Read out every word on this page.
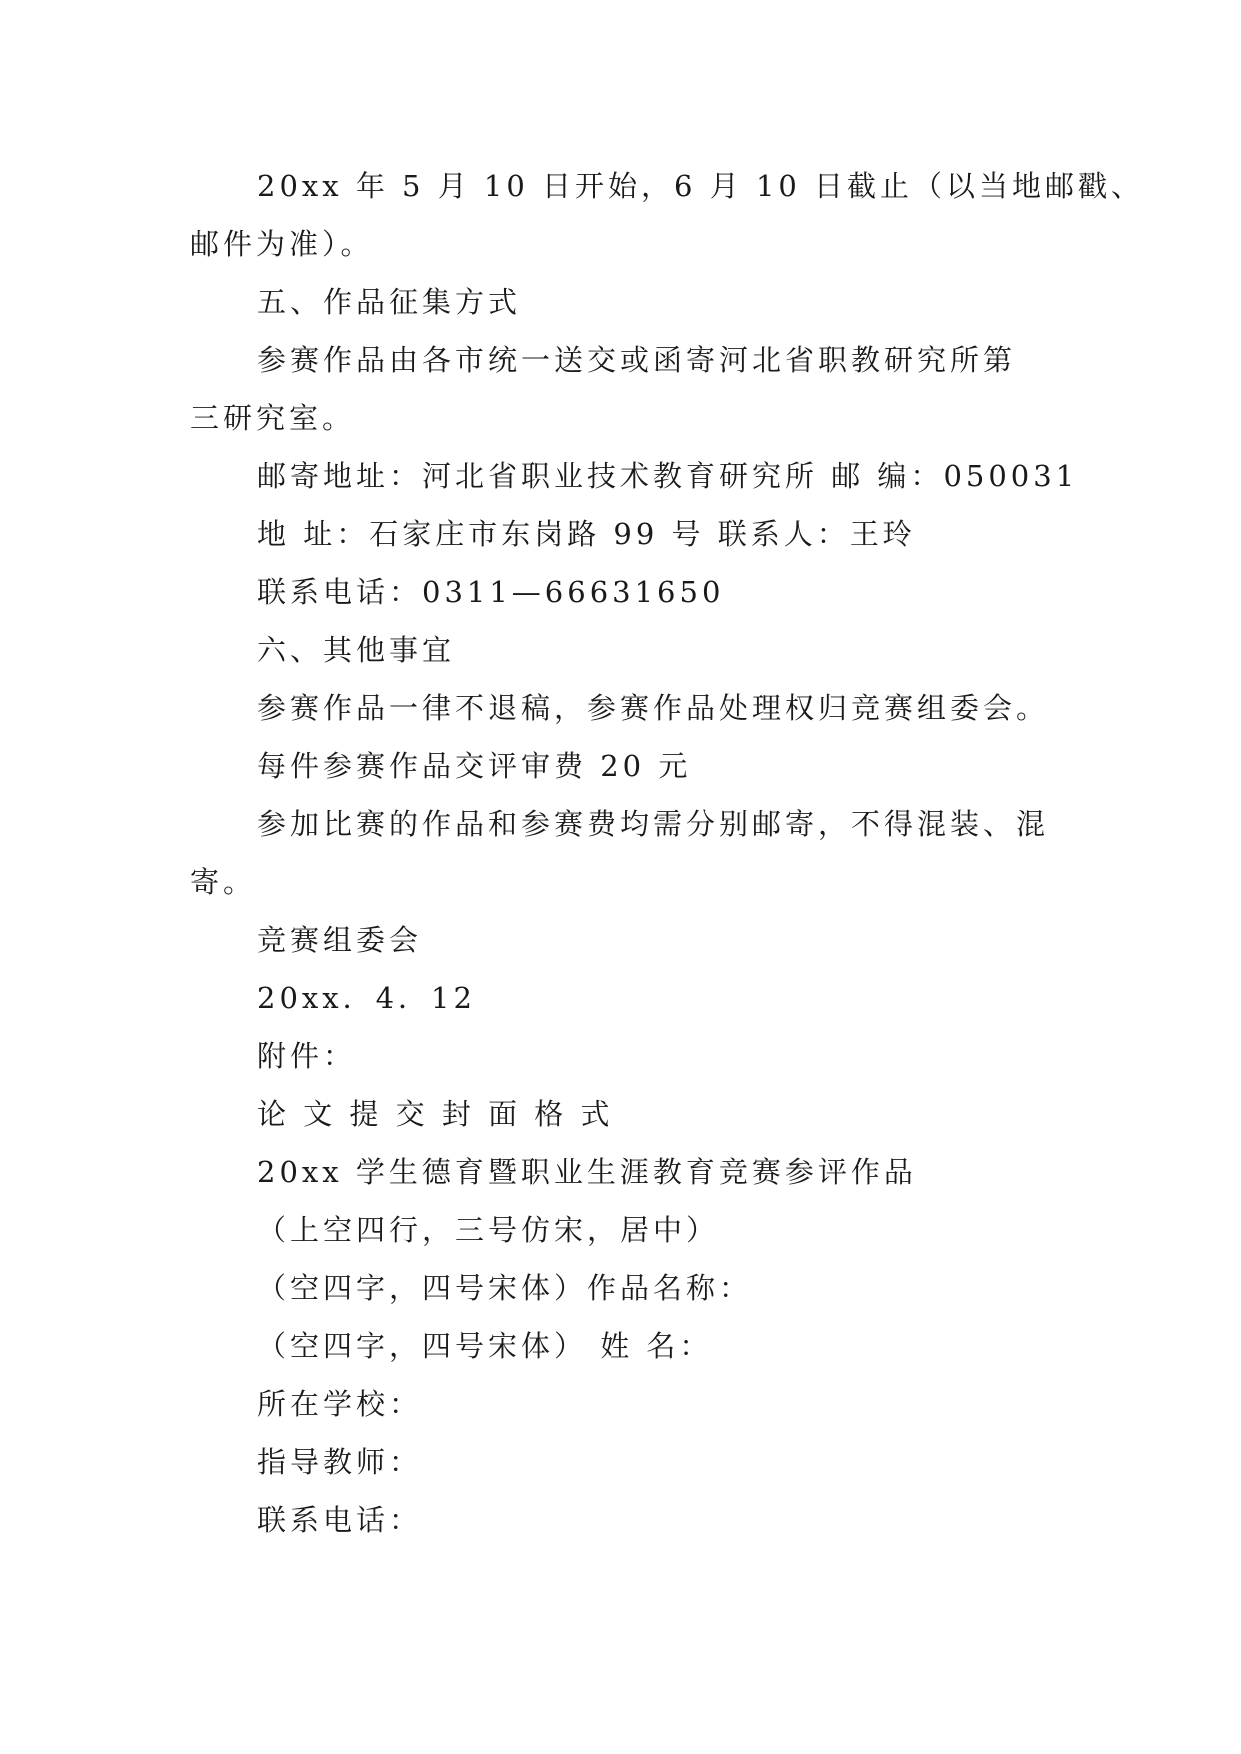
20xx 年 5 月 10 日开始，6 月 10 日截止（以当地邮戳、
邮件为准）。
五、作品征集方式
参赛作品由各市统一送交或函寄河北省职教研究所第
三研究室。
邮寄地址：河北省职业技术教育研究所 邮 编：050031
地 址：石家庄市东岗路 99 号 联系人：王玲
联系电话：0311—66631650
六、其他事宜
参赛作品一律不退稿，参赛作品处理权归竞赛组委会。
每件参赛作品交评审费 20 元
参加比赛的作品和参赛费均需分别邮寄，不得混装、混
寄。
竞赛组委会
20xx．4．12
附件：
论 文 提 交 封 面 格 式
20xx 学生德育暨职业生涯教育竞赛参评作品
（上空四行，三号仿宋，居中）
（空四字，四号宋体）作品名称：
（空四字，四号宋体） 姓 名：
所在学校：
指导教师：
联系电话：
